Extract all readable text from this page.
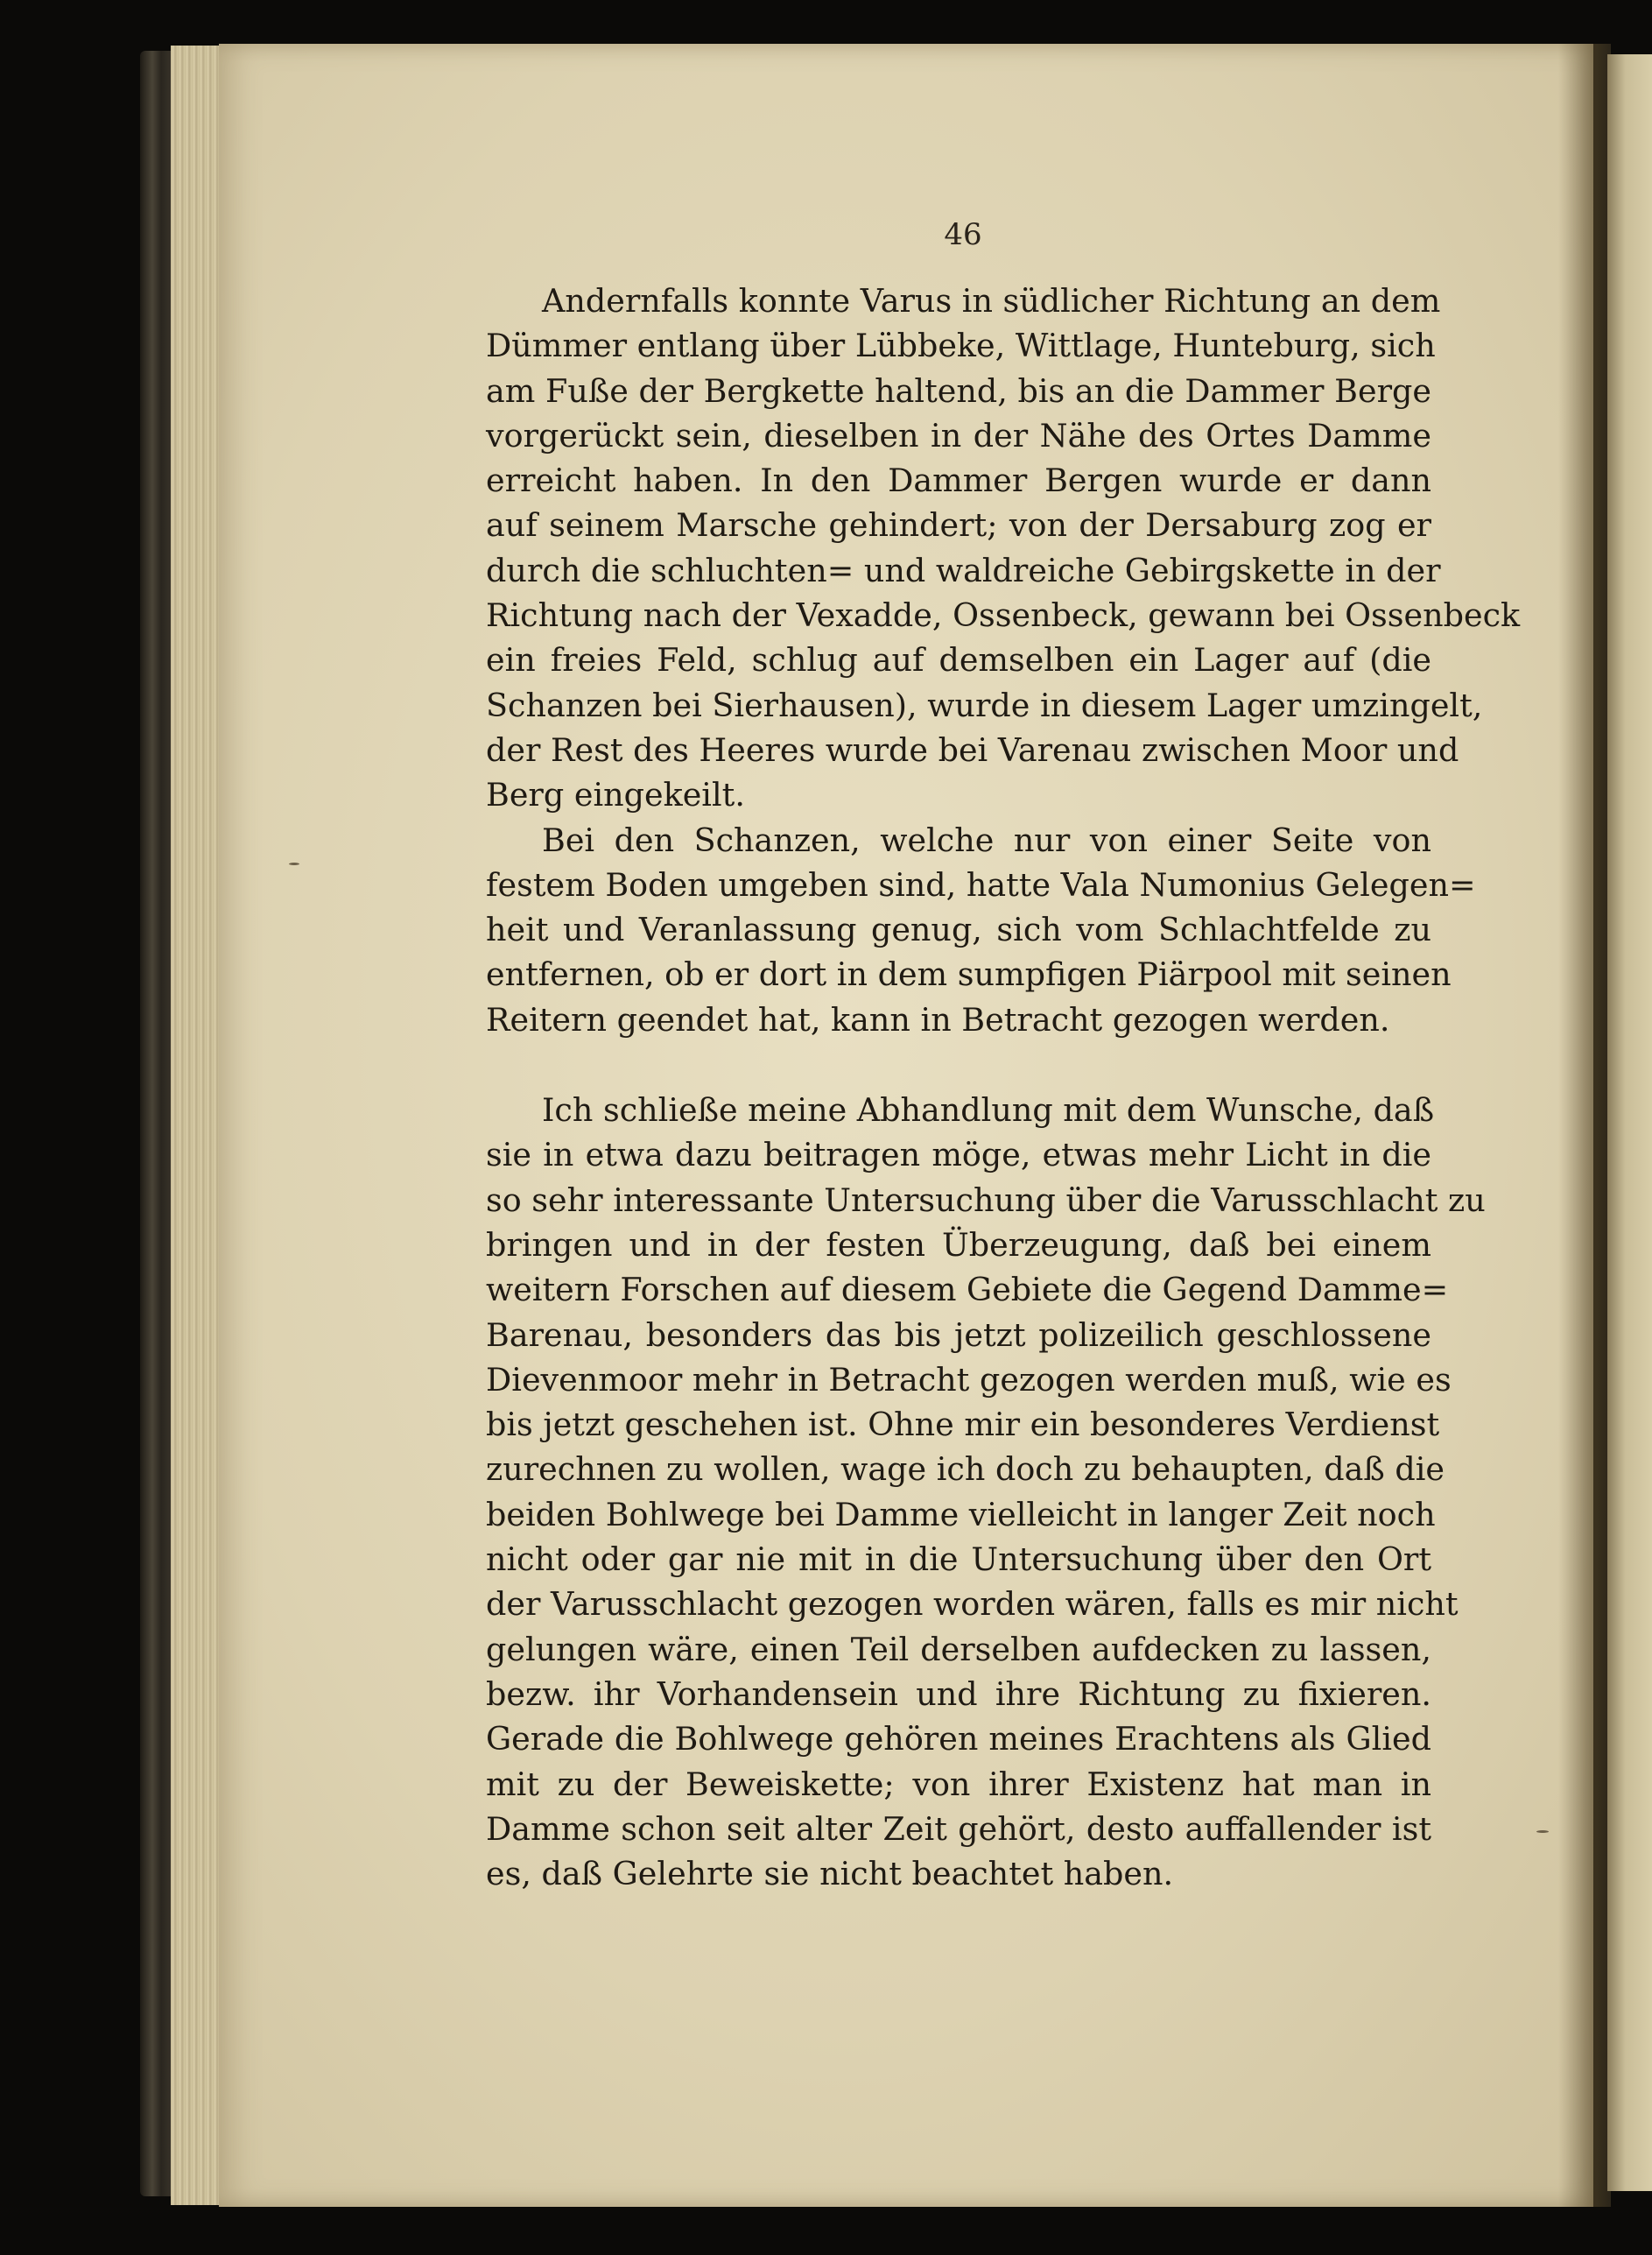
46
Andernfalls konnte Varus in südlicher Richtung an dem
Dümmer entlang über Lübbeke, Wittlage, Hunteburg, sich
am Fuße der Bergkette haltend, bis an die Dammer Berge
vorgerückt sein, dieselben in der Nähe des Ortes Damme
erreicht haben. In den Dammer Bergen wurde er dann
auf seinem Marsche gehindert; von der Dersaburg zog er
durch die schluchten= und waldreiche Gebirgskette in der
Richtung nach der Vexadde, Ossenbeck, gewann bei Ossenbeck
ein freies Feld, schlug auf demselben ein Lager auf (die
Schanzen bei Sierhausen), wurde in diesem Lager umzingelt,
der Rest des Heeres wurde bei Varenau zwischen Moor und
Berg eingekeilt.
Bei den Schanzen, welche nur von einer Seite von
festem Boden umgeben sind, hatte Vala Numonius Gelegen=
heit und Veranlassung genug, sich vom Schlachtfelde zu
entfernen, ob er dort in dem sumpfigen Piärpool mit seinen
Reitern geendet hat, kann in Betracht gezogen werden.
Ich schließe meine Abhandlung mit dem Wunsche, daß
sie in etwa dazu beitragen möge, etwas mehr Licht in die
so sehr interessante Untersuchung über die Varusschlacht zu
bringen und in der festen Überzeugung, daß bei einem
weitern Forschen auf diesem Gebiete die Gegend Damme=
Barenau, besonders das bis jetzt polizeilich geschlossene
Dievenmoor mehr in Betracht gezogen werden muß, wie es
bis jetzt geschehen ist. Ohne mir ein besonderes Verdienst
zurechnen zu wollen, wage ich doch zu behaupten, daß die
beiden Bohlwege bei Damme vielleicht in langer Zeit noch
nicht oder gar nie mit in die Untersuchung über den Ort
der Varusschlacht gezogen worden wären, falls es mir nicht
gelungen wäre, einen Teil derselben aufdecken zu lassen,
bezw. ihr Vorhandensein und ihre Richtung zu fixieren.
Gerade die Bohlwege gehören meines Erachtens als Glied
mit zu der Beweiskette; von ihrer Existenz hat man in
Damme schon seit alter Zeit gehört, desto auffallender ist
es, daß Gelehrte sie nicht beachtet haben.
